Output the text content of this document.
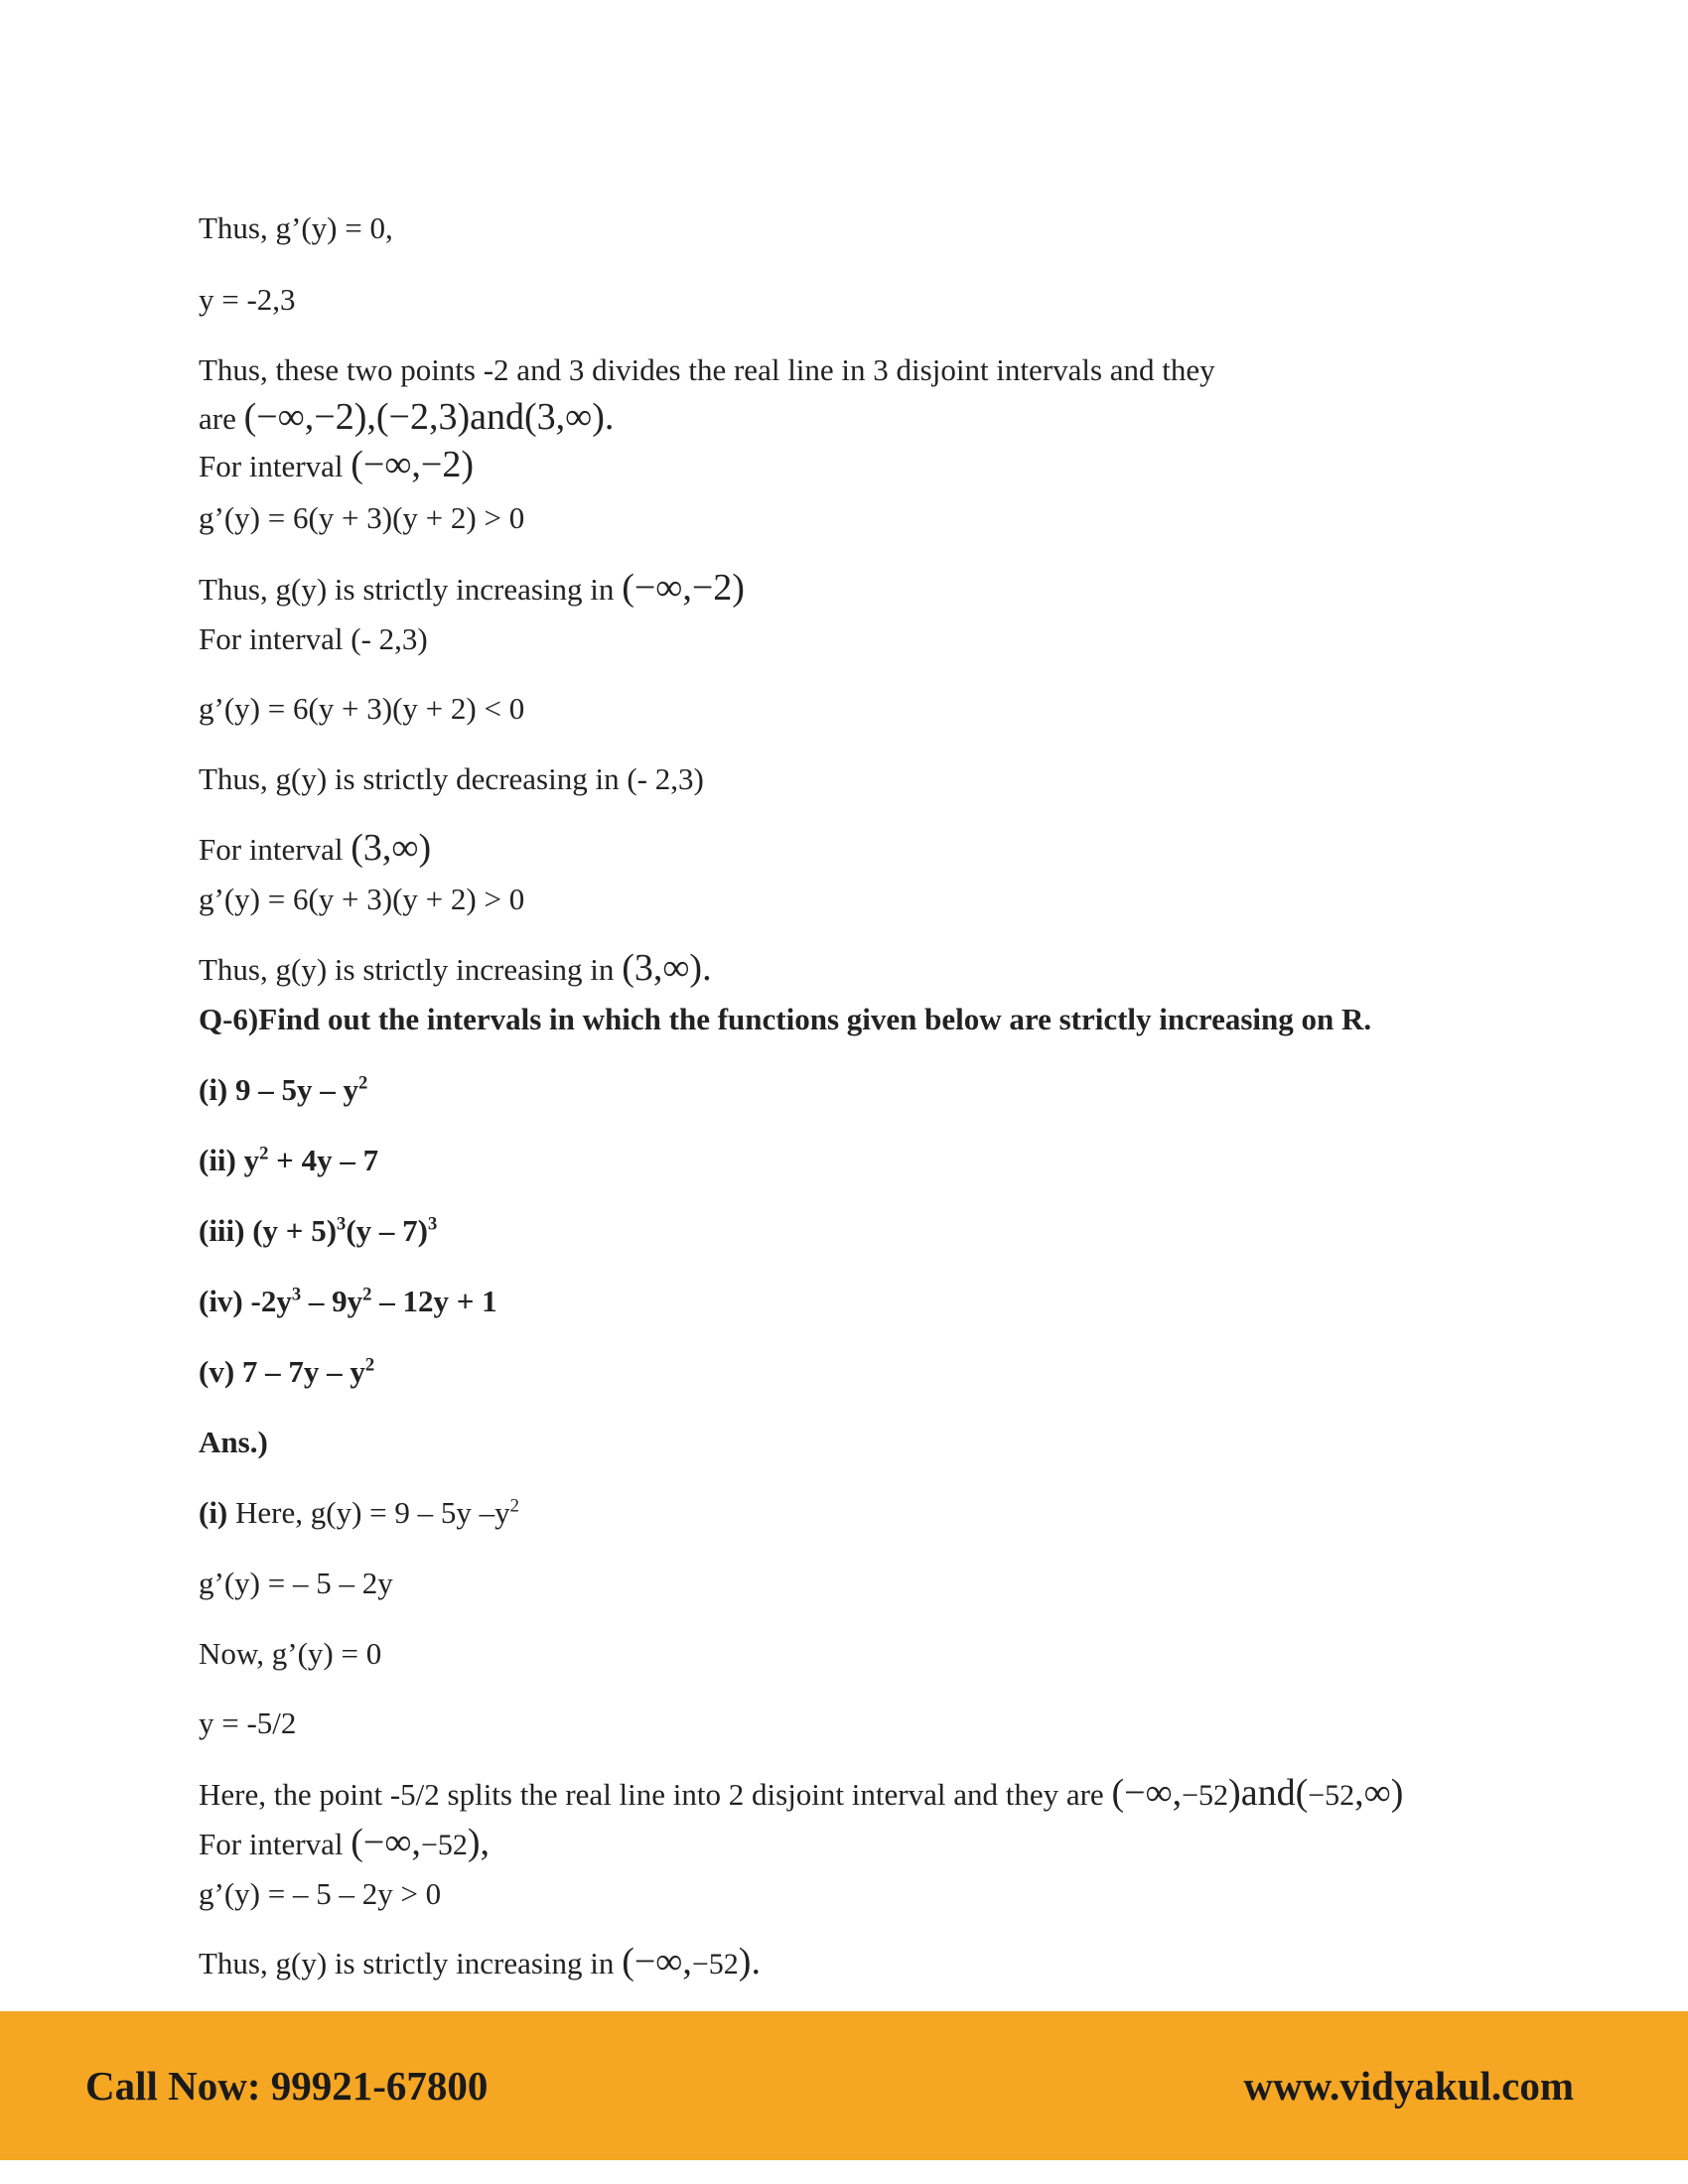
Thus, g’(y) = 0,
y = -2,3
Thus, these two points -2 and 3 divides the real line in 3 disjoint intervals and they
are (−∞,−2),(−2,3)and(3,∞).
For interval (−∞,−2)
g’(y) = 6(y + 3)(y + 2) > 0
Thus, g(y) is strictly increasing in (−∞,−2)
For interval (- 2,3)
g’(y) = 6(y + 3)(y + 2) < 0
Thus, g(y) is strictly decreasing in (- 2,3)
For interval (3,∞)
g’(y) = 6(y + 3)(y + 2) > 0
Thus, g(y) is strictly increasing in (3,∞).
Q-6)Find out the intervals in which the functions given below are strictly increasing on R.
(i) $9 - 5y - y^2$
(ii) $y^2 + 4y - 7$
(iii) $(y + 5)^3(y - 7)^3$
(iv) $-2y^3 - 9y^2 - 12y + 1$
(v) $7 - 7y - y^2$
Ans.)
(i) Here, g(y) = 9 – 5y $-y^2$
g’(y) = – 5 – 2y
Now, g’(y) = 0
y = -5/2
Here, the point -5/2 splits the real line into 2 disjoint interval and they are (−∞,−52)and(−52,∞)
For interval (−∞,−52),
g’(y) = – 5 – 2y > 0
Thus, g(y) is strictly increasing in (−∞,−52).
Call Now: 99921-67800	www.vidyakul.com
